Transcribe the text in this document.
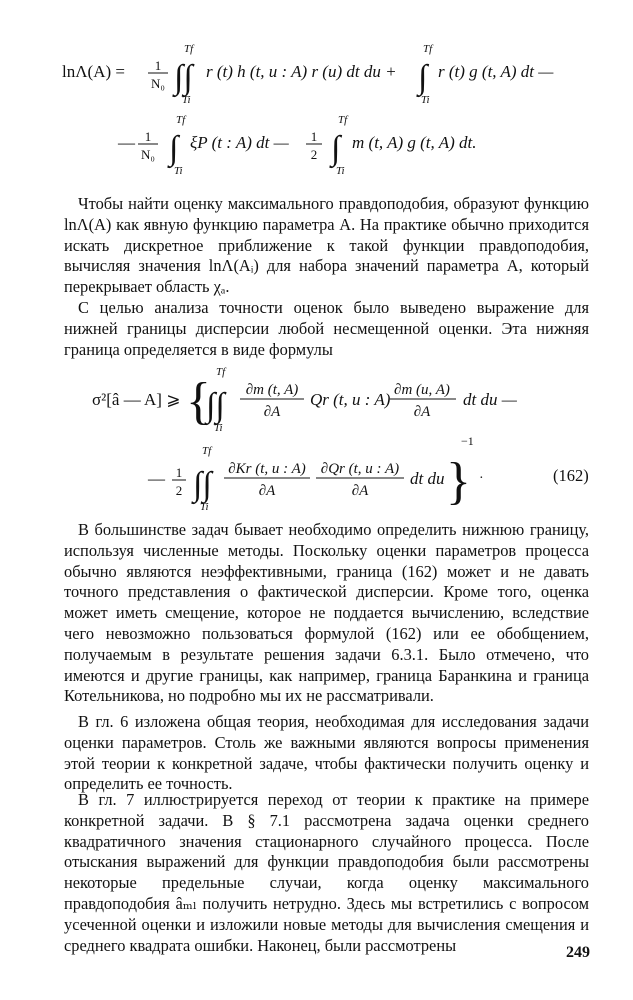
lnΛ(A) = 1
N₀
Tf
∫∫
Ti
r (t) h (t, u : A) r (u) dt du +
Tf
∫
Ti
r (t) g (t, A) dt —
— 1
N₀
Tf
∫
Ti
ξP (t : A) dt — 1
2
Tf
∫
Ti
m (t, A) g (t, A) dt.

Чтобы найти оценку максимального правдоподобия, образуют функцию lnΛ(A) как явную функцию параметра A. На практике обычно приходится искать дискретное приближение к такой функции правдоподобия, вычисляя значения lnΛ(Aᵢ) для набора значений параметра A, который перекрывает область χₐ.

С целью анализа точности оценок было выведено выражение для нижней границы дисперсии любой несмещенной оценки. Эта нижняя граница определяется в виде формулы

σ²[â — A] ⩾ {
Tf
∫∫
Ti
∂m (t, A)
∂A
Qr (t, u : A) ∂m (u, A)
∂A
dt du —
— 1
2
Tf
∫∫
Ti
∂Kr (t, u : A)
∂A
∂Qr (t, u : A)
∂A
dt du }
−1
·	(162)

В большинстве задач бывает необходимо определить нижнюю границу, используя численные методы. Поскольку оценки параметров процесса обычно являются неэффективными, граница (162) может и не давать точного представления о фактической дисперсии. Кроме того, оценка может иметь смещение, которое не поддается вычислению, вследствие чего невозможно пользоваться формулой (162) или ее обобщением, получаемым в результате решения задачи 6.3.1. Было отмечено, что имеются и другие границы, как например, граница Баранкина и граница Котельникова, но подробно мы их не рассматривали.

В гл. 6 изложена общая теория, необходимая для исследования задачи оценки параметров. Столь же важными являются вопросы применения этой теории к конкретной задаче, чтобы фактически получить оценку и определить ее точность.

В гл. 7 иллюстрируется переход от теории к практике на примере конкретной задачи. В § 7.1 рассмотрена задача оценки среднего квадратичного значения стационарного случайного процесса. После отыскания выражений для функции правдоподобия были рассмотрены некоторые предельные случаи, когда оценку максимального правдоподобия âₘₗ получить нетрудно. Здесь мы встретились с вопросом усеченной оценки и изложили новые методы для вычисления смещения и среднего квадрата ошибки. Наконец, были рассмотрены	249
